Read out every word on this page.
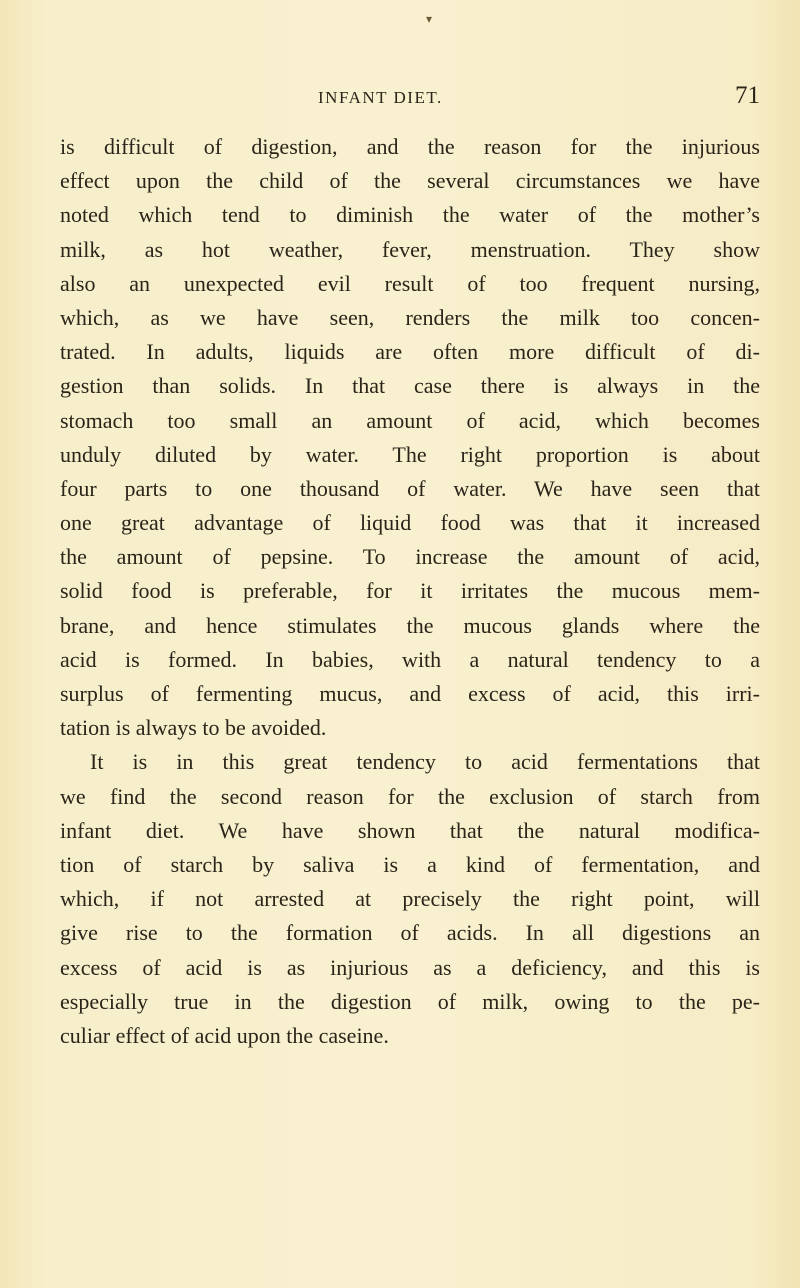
▾
INFANT DIET.	71
is difficult of digestion, and the reason for the injurious
effect upon the child of the several circumstances we have
noted which tend to diminish the water of the mother’s
milk, as hot weather, fever, menstruation. They show
also an unexpected evil result of too frequent nursing,
which, as we have seen, renders the milk too concen-
trated. In adults, liquids are often more difficult of di-
gestion than solids. In that case there is always in the
stomach too small an amount of acid, which becomes
unduly diluted by water. The right proportion is about
four parts to one thousand of water. We have seen that
one great advantage of liquid food was that it increased
the amount of pepsine. To increase the amount of acid,
solid food is preferable, for it irritates the mucous mem-
brane, and hence stimulates the mucous glands where the
acid is formed. In babies, with a natural tendency to a
surplus of fermenting mucus, and excess of acid, this irri-
tation is always to be avoided.
It is in this great tendency to acid fermentations that
we find the second reason for the exclusion of starch from
infant diet. We have shown that the natural modifica-
tion of starch by saliva is a kind of fermentation, and
which, if not arrested at precisely the right point, will
give rise to the formation of acids. In all digestions an
excess of acid is as injurious as a deficiency, and this is
especially true in the digestion of milk, owing to the pe-
culiar effect of acid upon the caseine.
